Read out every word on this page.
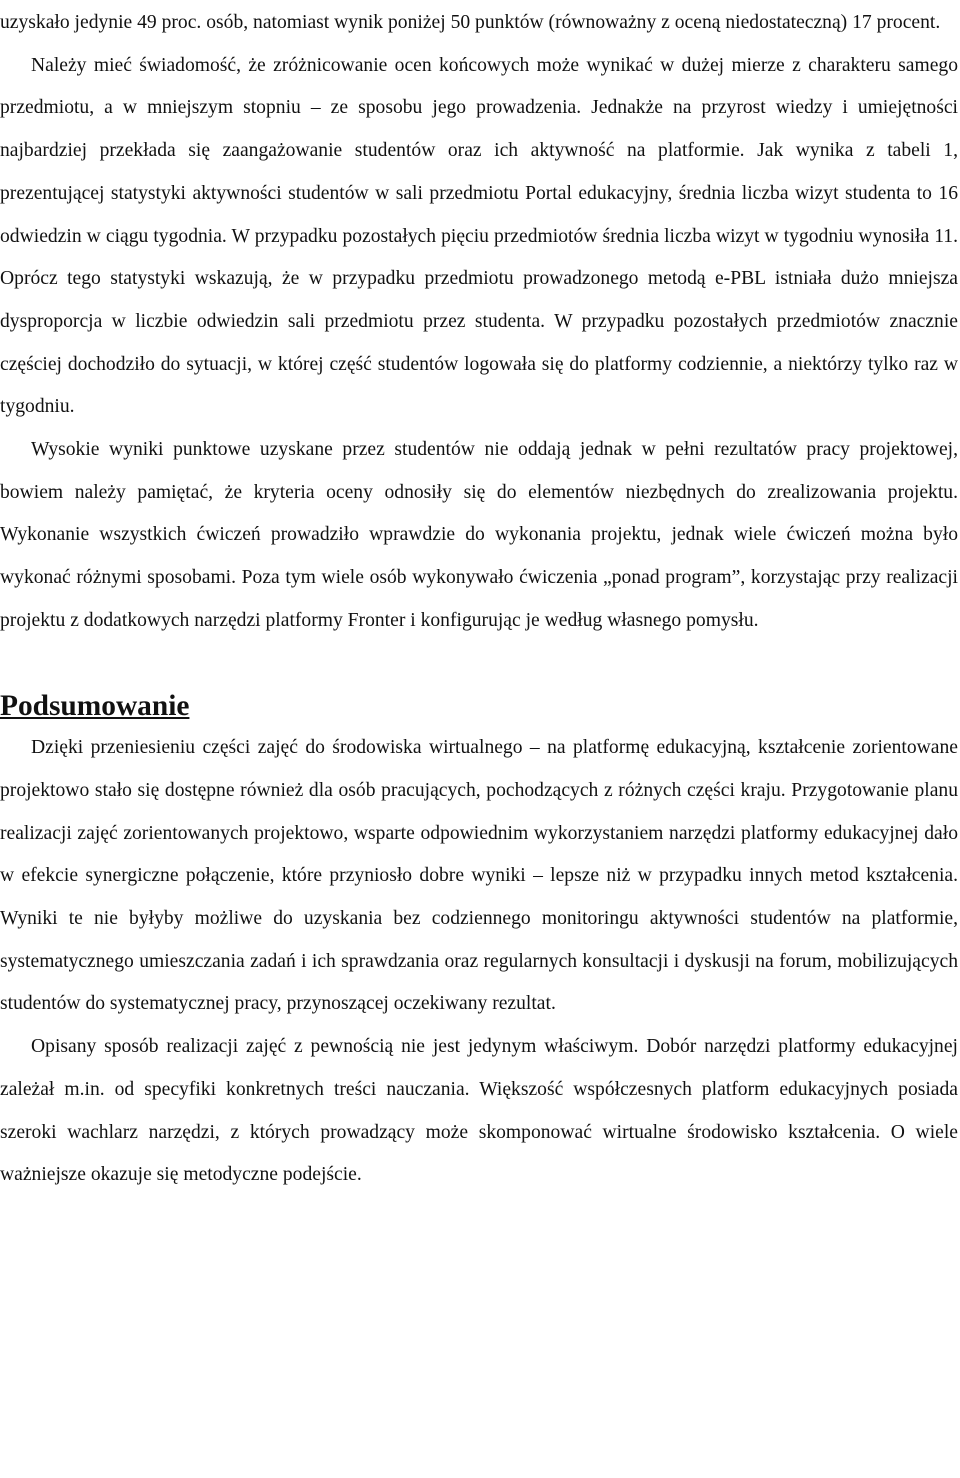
uzyskało jedynie 49 proc. osób, natomiast wynik poniżej 50 punktów (równoważny z oceną niedostateczną) 17 procent.

Należy mieć świadomość, że zróżnicowanie ocen końcowych może wynikać w dużej mierze z charakteru samego przedmiotu, a w mniejszym stopniu – ze sposobu jego prowadzenia. Jednakże na przyrost wiedzy i umiejętności najbardziej przekłada się zaangażowanie studentów oraz ich aktywność na platformie. Jak wynika z tabeli 1, prezentującej statystyki aktywności studentów w sali przedmiotu Portal edukacyjny, średnia liczba wizyt studenta to 16 odwiedzin w ciągu tygodnia. W przypadku pozostałych pięciu przedmiotów średnia liczba wizyt w tygodniu wynosiła 11. Oprócz tego statystyki wskazują, że w przypadku przedmiotu prowadzonego metodą e-PBL istniała dużo mniejsza dysproporcja w liczbie odwiedzin sali przedmiotu przez studenta. W przypadku pozostałych przedmiotów znacznie częściej dochodziło do sytuacji, w której część studentów logowała się do platformy codziennie, a niektórzy tylko raz w tygodniu.

Wysokie wyniki punktowe uzyskane przez studentów nie oddają jednak w pełni rezultatów pracy projektowej, bowiem należy pamiętać, że kryteria oceny odnosiły się do elementów niezbędnych do zrealizowania projektu. Wykonanie wszystkich ćwiczeń prowadziło wprawdzie do wykonania projektu, jednak wiele ćwiczeń można było wykonać różnymi sposobami. Poza tym wiele osób wykonywało ćwiczenia „ponad program”, korzystając przy realizacji projektu z dodatkowych narzędzi platformy Fronter i konfigurując je według własnego pomysłu.

Podsumowanie

Dzięki przeniesieniu części zajęć do środowiska wirtualnego – na platformę edukacyjną, kształcenie zorientowane projektowo stało się dostępne również dla osób pracujących, pochodzących z różnych części kraju. Przygotowanie planu realizacji zajęć zorientowanych projektowo, wsparte odpowiednim wykorzystaniem narzędzi platformy edukacyjnej dało w efekcie synergiczne połączenie, które przyniosło dobre wyniki – lepsze niż w przypadku innych metod kształcenia. Wyniki te nie byłyby możliwe do uzyskania bez codziennego monitoringu aktywności studentów na platformie, systematycznego umieszczania zadań i ich sprawdzania oraz regularnych konsultacji i dyskusji na forum, mobilizujących studentów do systematycznej pracy, przynoszącej oczekiwany rezultat.

Opisany sposób realizacji zajęć z pewnością nie jest jedynym właściwym. Dobór narzędzi platformy edukacyjnej zależał m.in. od specyfiki konkretnych treści nauczania. Większość współczesnych platform edukacyjnych posiada szeroki wachlarz narzędzi, z których prowadzący może skomponować wirtualne środowisko kształcenia. O wiele ważniejsze okazuje się metodyczne podejście.
